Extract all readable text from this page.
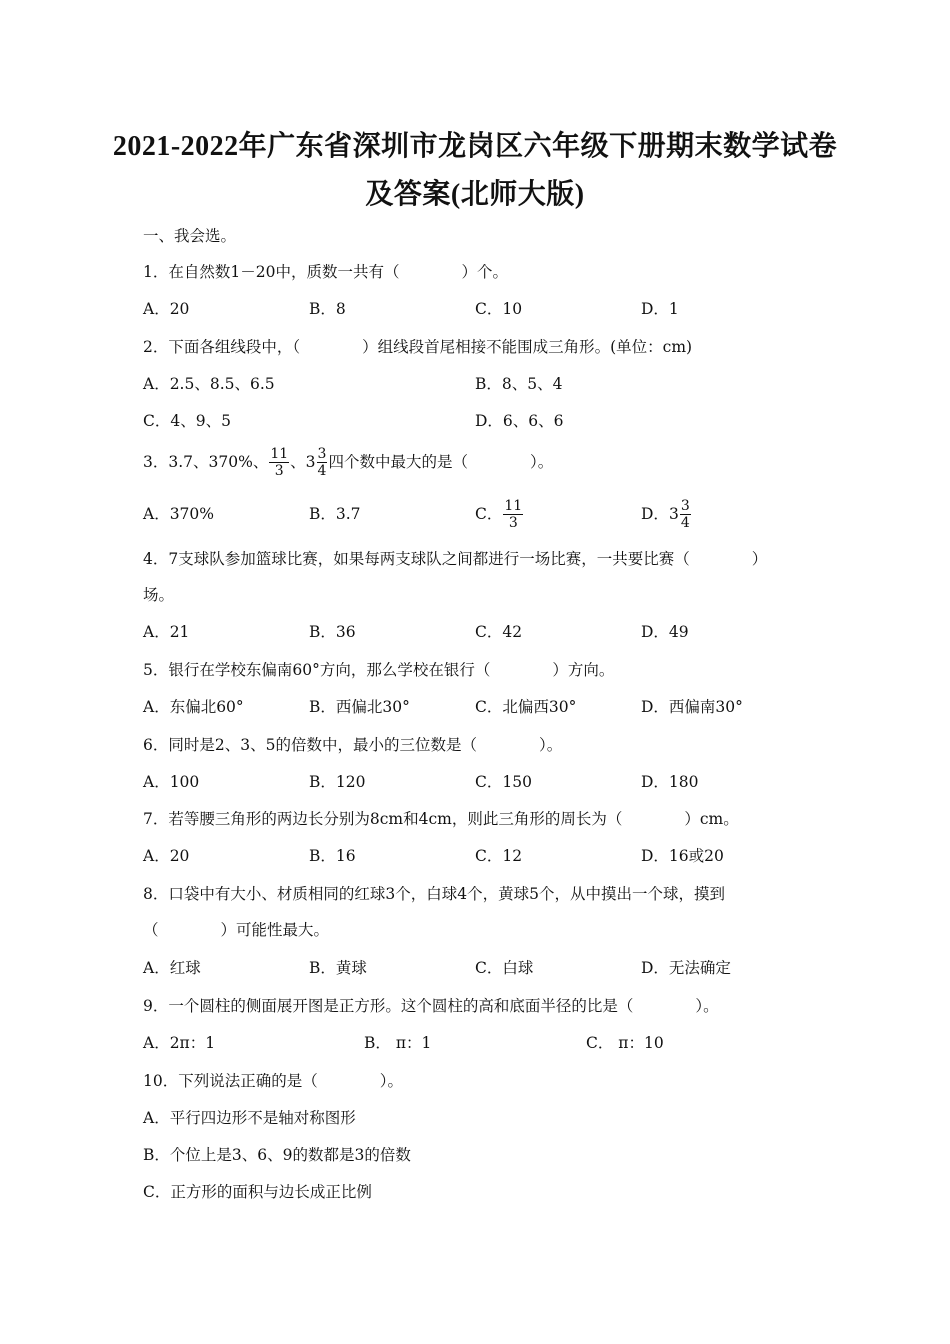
2021-2022年广东省深圳市龙岗区六年级下册期末数学试卷
及答案(北师大版)
一、我会选。
1．在自然数1－20中，质数一共有（　　　　）个。
A．20	B．8	C．10	D．1
2．下面各组线段中，（　　　　）组线段首尾相接不能围成三角形。(单位：cm)
A．2.5、8.5、6.5	B．8、5、4
C．4、9、5	D．6、6、6
3．3.7、370%、 $\frac{11}{3}$ 、 $3 \frac{3}{4}$ 四个数中最大的是（　　　　）。
A．370%	B．3.7	C． $\frac{11}{3}$	D． $3 \frac{3}{4}$
4．7支球队参加篮球比赛，如果每两支球队之间都进行一场比赛，一共要比赛（　　　　）
场。
A．21	B．36	C．42	D．49
5．银行在学校东偏南60°方向，那么学校在银行（　　　　）方向。
A．东偏北60°	B．西偏北30°	C．北偏西30°	D．西偏南30°
6．同时是2、3、5的倍数中，最小的三位数是（　　　　）。
A．100	B．120	C．150	D．180
7．若等腰三角形的两边长分别为8cm和4cm，则此三角形的周长为（　　　　）cm。
A．20	B．16	C．12	D．16或20
8．口袋中有大小、材质相同的红球3个，白球4个，黄球5个，从中摸出一个球，摸到
（　　　　）可能性最大。
A．红球	B．黄球	C．白球	D．无法确定
9．一个圆柱的侧面展开图是正方形。这个圆柱的高和底面半径的比是（　　　　）。
A．2π：1	B． π：1	C． π：10
10．下列说法正确的是（　　　　）。
A．平行四边形不是轴对称图形
B．个位上是3、6、9的数都是3的倍数
C．正方形的面积与边长成正比例
